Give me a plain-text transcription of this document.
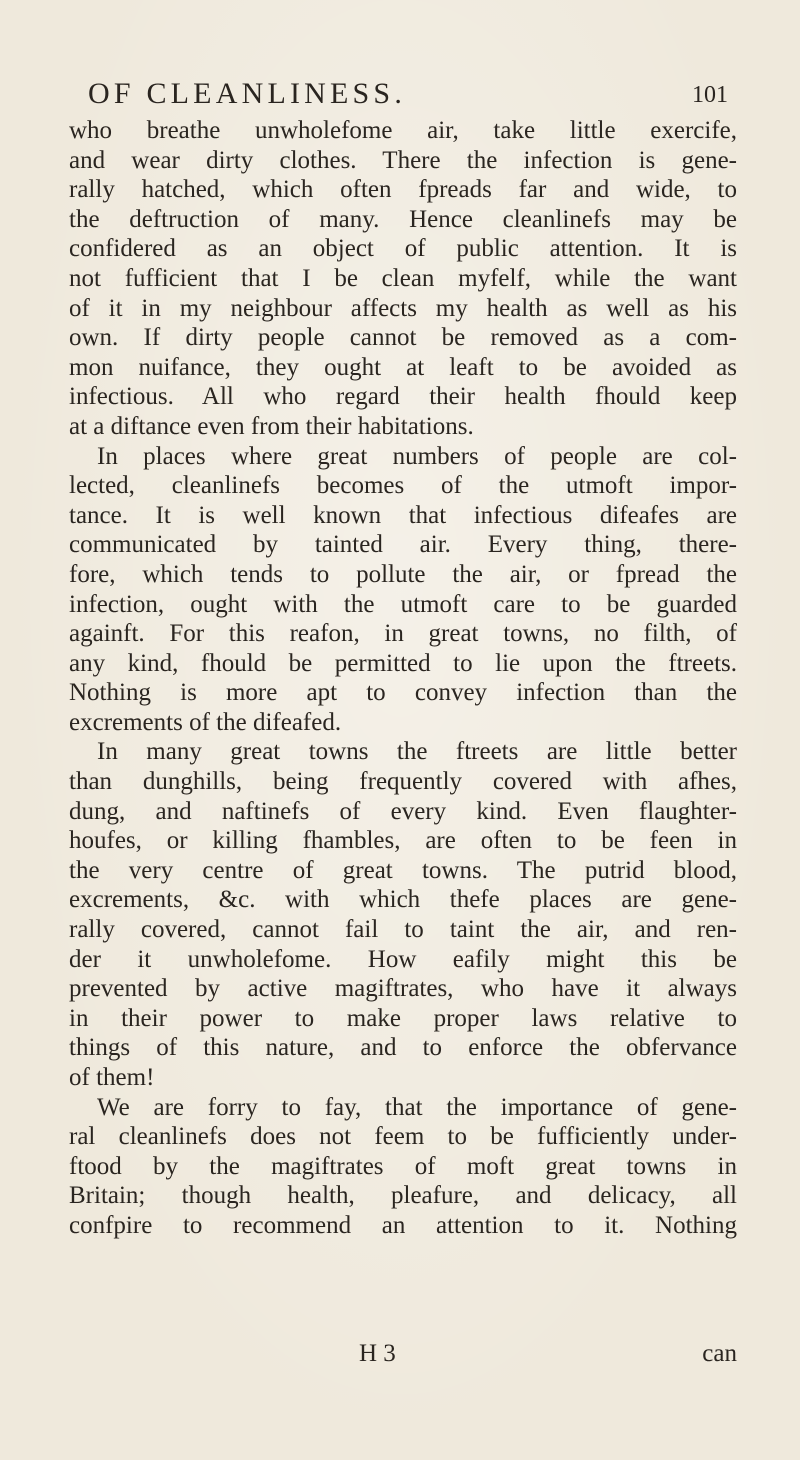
OF CLEANLINESS.	101
who breathe unwholefome air, take little exercife,
and wear dirty clothes. There the infection is gene-
rally hatched, which often fpreads far and wide, to
the deftruction of many. Hence cleanlinefs may be
confidered as an object of public attention. It is
not fufficient that I be clean myfelf, while the want
of it in my neighbour affects my health as well as his
own. If dirty people cannot be removed as a com-
mon nuifance, they ought at leaft to be avoided as
infectious. All who regard their health fhould keep
at a diftance even from their habitations.
In places where great numbers of people are col-
lected, cleanlinefs becomes of the utmoft impor-
tance. It is well known that infectious difeafes are
communicated by tainted air. Every thing, there-
fore, which tends to pollute the air, or fpread the
infection, ought with the utmoft care to be guarded
againft. For this reafon, in great towns, no filth, of
any kind, fhould be permitted to lie upon the ftreets.
Nothing is more apt to convey infection than the
excrements of the difeafed.
In many great towns the ftreets are little better
than dunghills, being frequently covered with afhes,
dung, and naftinefs of every kind. Even flaughter-
houfes, or killing fhambles, are often to be feen in
the very centre of great towns. The putrid blood,
excrements, &c. with which thefe places are gene-
rally covered, cannot fail to taint the air, and ren-
der it unwholefome. How eafily might this be
prevented by active magiftrates, who have it always
in their power to make proper laws relative to
things of this nature, and to enforce the obfervance
of them!
We are forry to fay, that the importance of gene-
ral cleanlinefs does not feem to be fufficiently under-
ftood by the magiftrates of moft great towns in
Britain; though health, pleafure, and delicacy, all
confpire to recommend an attention to it. Nothing
H 3	can
